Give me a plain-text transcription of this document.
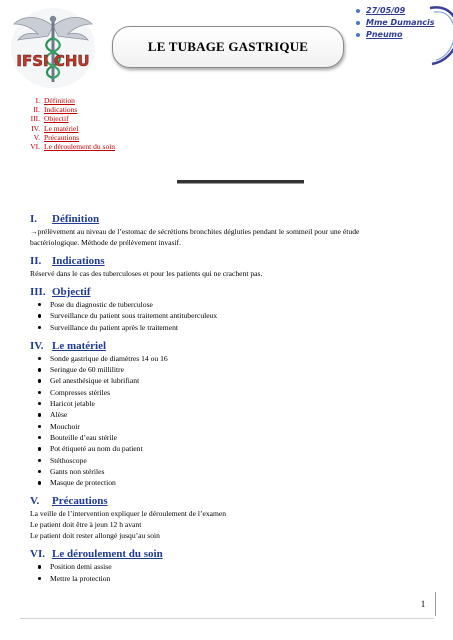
IFSI CHU
LE TUBAGE GASTRIQUE
27/05/09
Mme Dumancis
Pneumo
I. Définition
II. Indications
III. Objectif
IV. Le matériel
V. Précautions
VI. Le déroulement du soin
I. Définition

→prélèvement au niveau de l’estomac de sécrétions bronchites dégluties pendant le sommeil pour une étude

bactériologique. Méthode de prélèvement invasif.

II. Indications

Réservé dans le cas des tuberculoses et pour les patients qui ne crachent pas.

III. Objectif
Pose du diagnostic de tuberculose
Surveillance du patient sous traitement antituberculeux
Surveillance du patient après le traitement
IV. Le matériel
Sonde gastrique de diamètres 14 ou 16
Seringue de 60 millilitre
Gel anesthésique et lubrifiant
Compresses stériles
Haricot jetable
Alèse
Mouchoir
Bouteille d’eau stérile
Pot étiqueté au nom du patient
Stéthoscope
Gants non stériles
Masque de protection
V. Précautions

La veille de l’intervention expliquer le déroulement de l’examen

Le patient doit être à jeun 12 h avant

Le patient doit rester allongé jusqu’au soin

VI. Le déroulement du soin
Position demi assise
Mettre la protection
1
